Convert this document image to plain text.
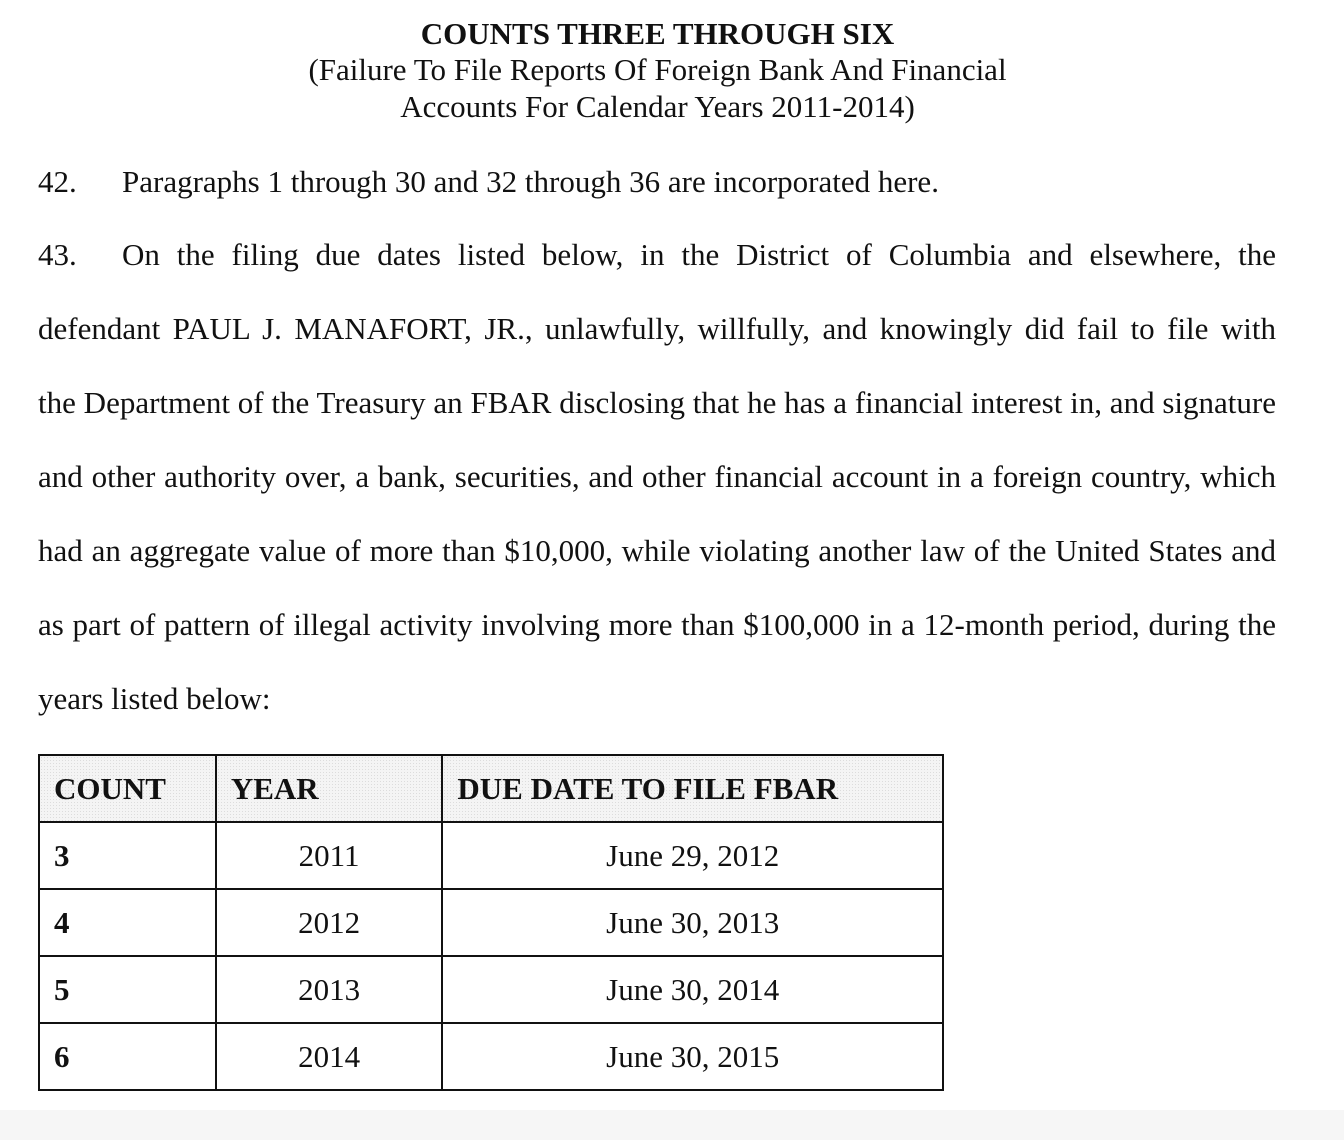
COUNTS THREE THROUGH SIX
(Failure To File Reports Of Foreign Bank And Financial
Accounts For Calendar Years 2011-2014)
42. Paragraphs 1 through 30 and 32 through 36 are incorporated here.
43. On the filing due dates listed below, in the District of Columbia and elsewhere, the
defendant PAUL J. MANAFORT, JR., unlawfully, willfully, and knowingly did fail to file with
the Department of the Treasury an FBAR disclosing that he has a financial interest in, and signature
and other authority over, a bank, securities, and other financial account in a foreign country, which
had an aggregate value of more than $10,000, while violating another law of the United States and
as part of pattern of illegal activity involving more than $100,000 in a 12-month period, during the
years listed below:
COUNT	YEAR	DUE DATE TO FILE FBAR
3	2011	June 29, 2012
4	2012	June 30, 2013
5	2013	June 30, 2014
6	2014	June 30, 2015
